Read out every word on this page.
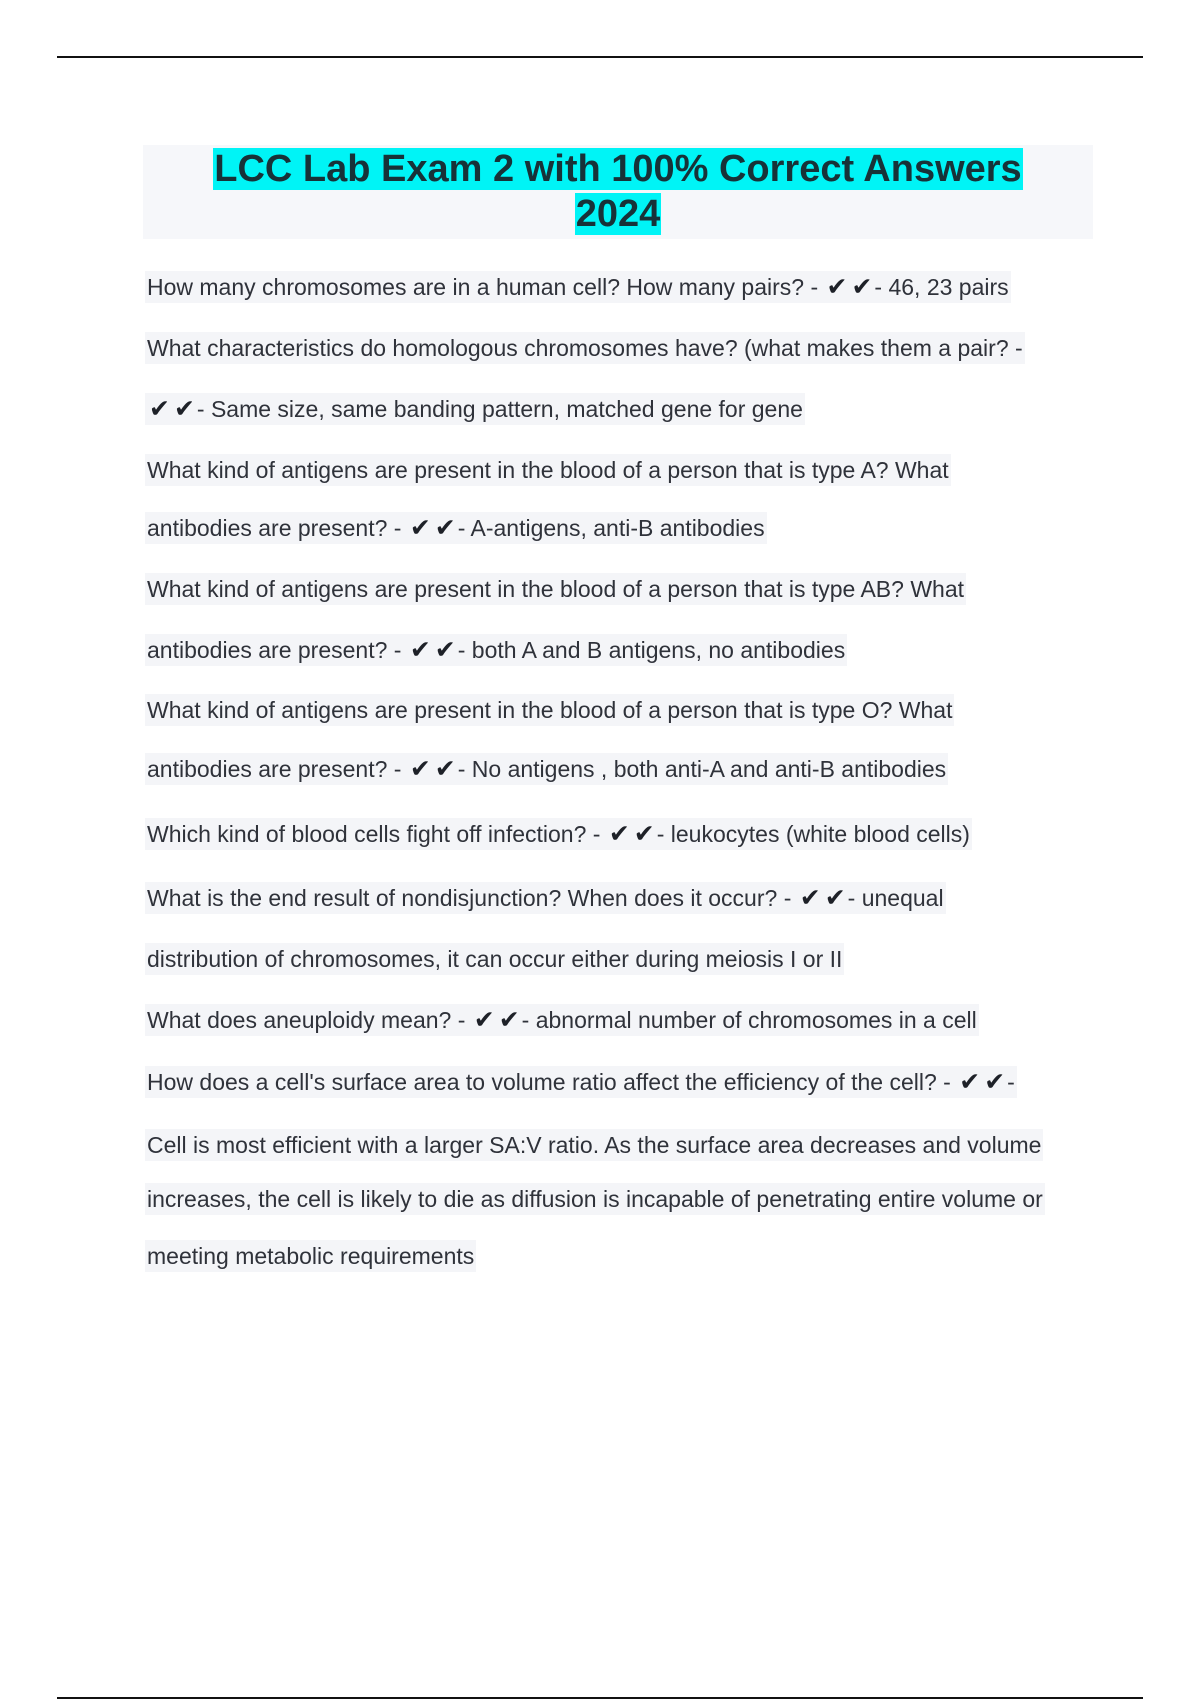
LCC Lab Exam 2 with 100% Correct Answers
2024
How many chromosomes are in a human cell? How many pairs? - ✔ ✔- 46, 23 pairs
What characteristics do homologous chromosomes have? (what makes them a pair? -
✔ ✔- Same size, same banding pattern, matched gene for gene
What kind of antigens are present in the blood of a person that is type A? What
antibodies are present? - ✔ ✔- A-antigens, anti-B antibodies
What kind of antigens are present in the blood of a person that is type AB? What
antibodies are present? - ✔ ✔- both A and B antigens, no antibodies
What kind of antigens are present in the blood of a person that is type O? What
antibodies are present? - ✔ ✔- No antigens , both anti-A and anti-B antibodies
Which kind of blood cells fight off infection? - ✔ ✔- leukocytes (white blood cells)
What is the end result of nondisjunction? When does it occur? - ✔ ✔- unequal
distribution of chromosomes, it can occur either during meiosis I or II
What does aneuploidy mean? - ✔ ✔- abnormal number of chromosomes in a cell
How does a cell's surface area to volume ratio affect the efficiency of the cell? - ✔ ✔-
Cell is most efficient with a larger SA:V ratio. As the surface area decreases and volume
increases, the cell is likely to die as diffusion is incapable of penetrating entire volume or
meeting metabolic requirements
